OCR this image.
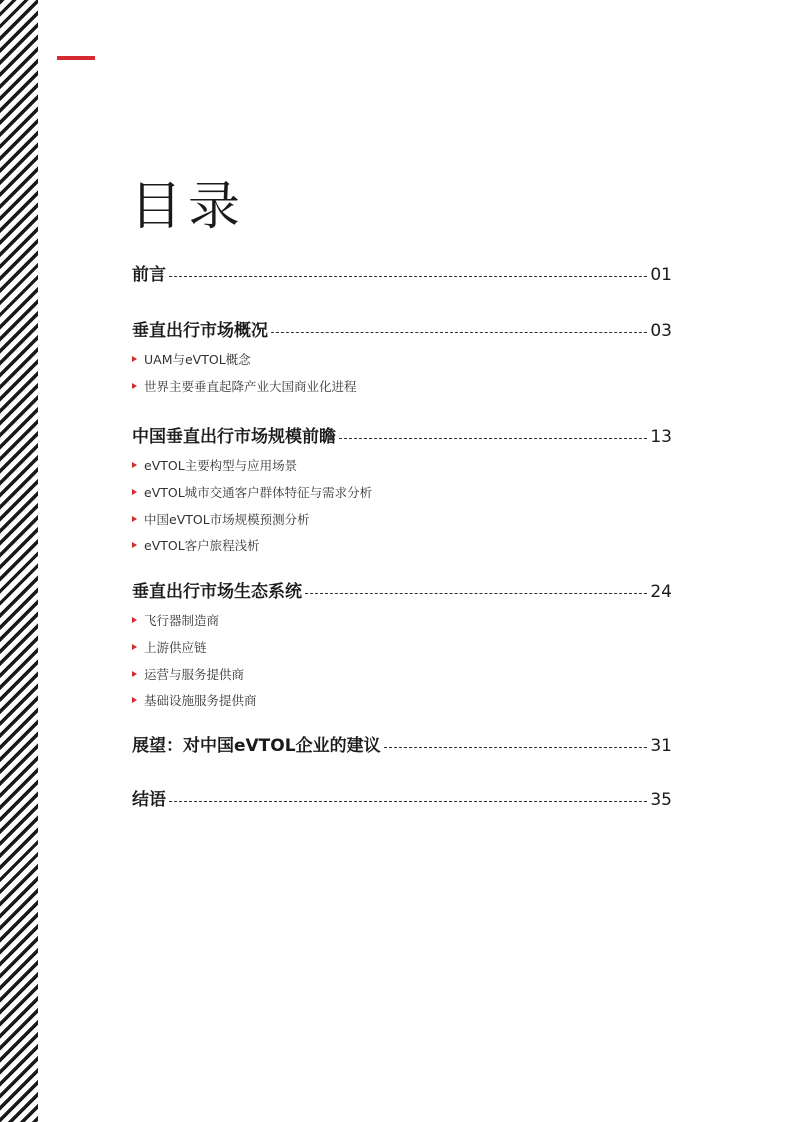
目录
前言	01
垂直出行市场概况	03
UAM与eVTOL概念
世界主要垂直起降产业大国商业化进程
中国垂直出行市场规模前瞻	13
eVTOL主要构型与应用场景
eVTOL城市交通客户群体特征与需求分析
中国eVTOL市场规模预测分析
eVTOL客户旅程浅析
垂直出行市场生态系统	24
飞行器制造商
上游供应链
运营与服务提供商
基础设施服务提供商
展望：对中国eVTOL企业的建议	31
结语	35
